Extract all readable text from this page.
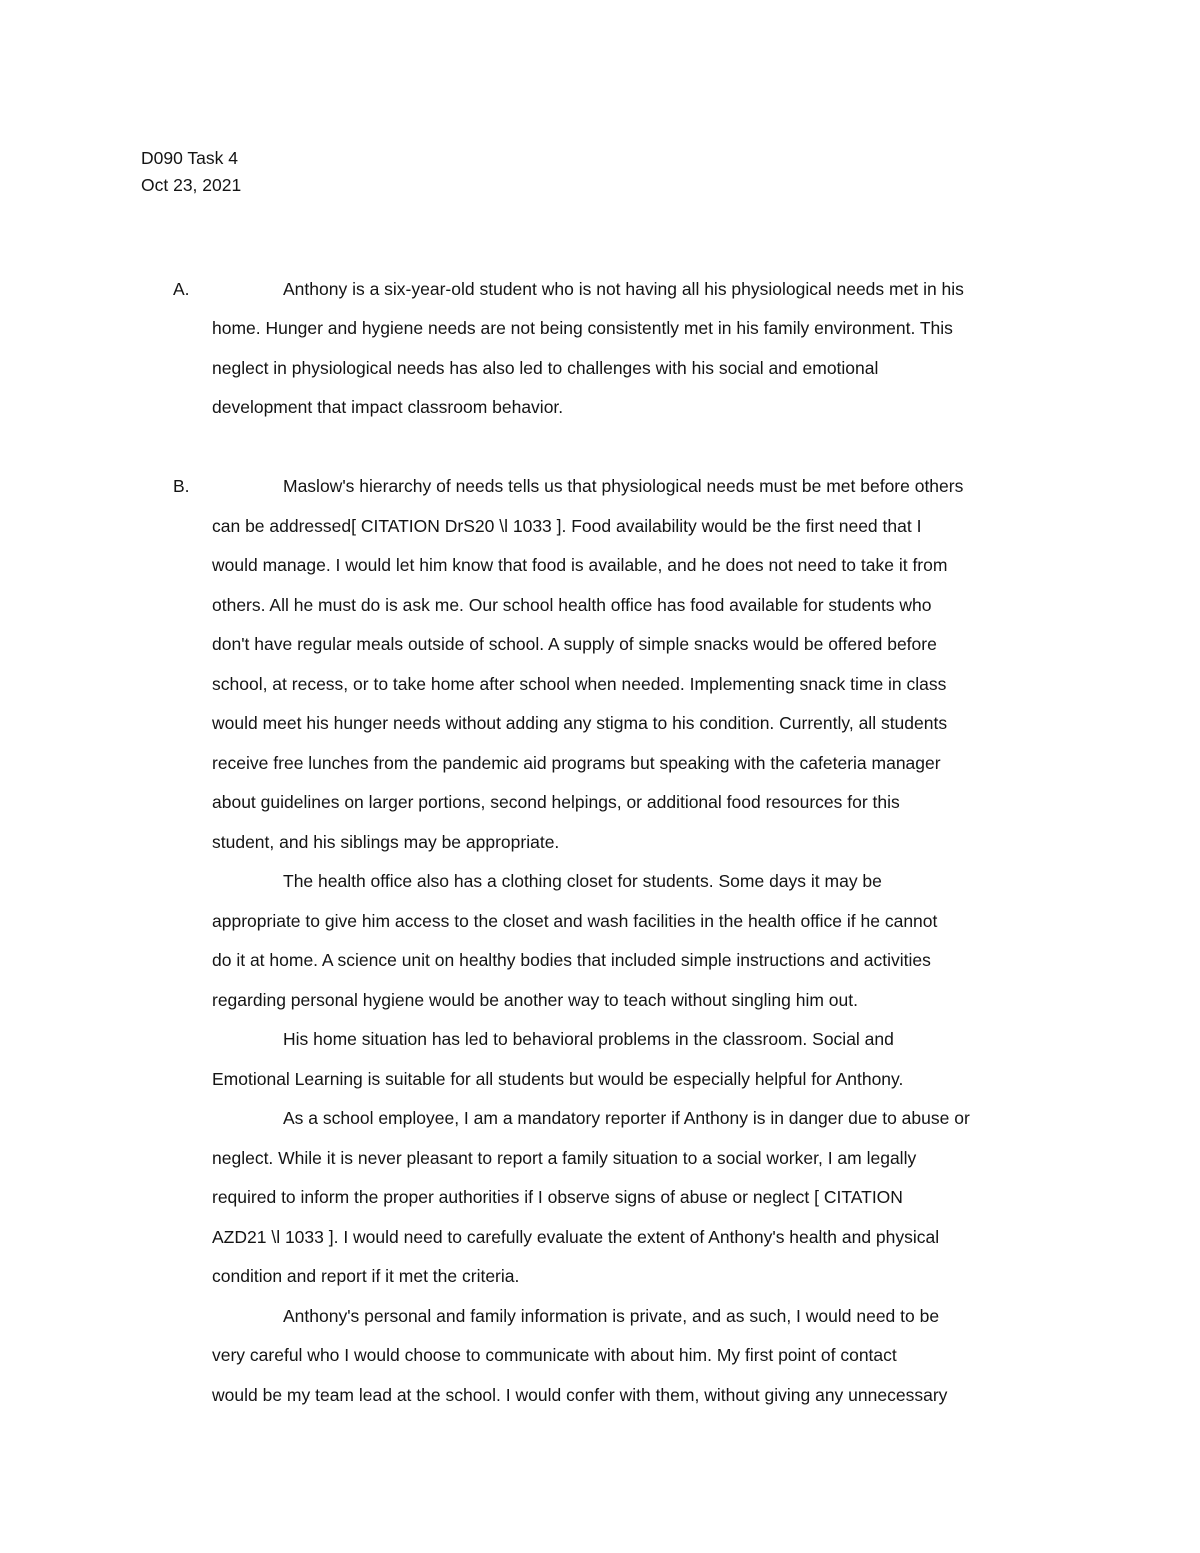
D090 Task 4
Oct 23, 2021
A.	Anthony is a six-year-old student who is not having all his physiological needs met in his
home. Hunger and hygiene needs are not being consistently met in his family environment. This
neglect in physiological needs has also led to challenges with his social and emotional
development that impact classroom behavior.
B.	Maslow's hierarchy of needs tells us that physiological needs must be met before others
can be addressed[ CITATION DrS20 \l 1033 ]. Food availability would be the first need that I
would manage. I would let him know that food is available, and he does not need to take it from
others. All he must do is ask me. Our school health office has food available for students who
don't have regular meals outside of school. A supply of simple snacks would be offered before
school, at recess, or to take home after school when needed. Implementing snack time in class
would meet his hunger needs without adding any stigma to his condition. Currently, all students
receive free lunches from the pandemic aid programs but speaking with the cafeteria manager
about guidelines on larger portions, second helpings, or additional food resources for this
student, and his siblings may be appropriate.
The health office also has a clothing closet for students. Some days it may be
appropriate to give him access to the closet and wash facilities in the health office if he cannot
do it at home. A science unit on healthy bodies that included simple instructions and activities
regarding personal hygiene would be another way to teach without singling him out.
His home situation has led to behavioral problems in the classroom. Social and
Emotional Learning is suitable for all students but would be especially helpful for Anthony.
As a school employee, I am a mandatory reporter if Anthony is in danger due to abuse or
neglect. While it is never pleasant to report a family situation to a social worker, I am legally
required to inform the proper authorities if I observe signs of abuse or neglect [ CITATION
AZD21 \l 1033 ]. I would need to carefully evaluate the extent of Anthony's health and physical
condition and report if it met the criteria.
Anthony's personal and family information is private, and as such, I would need to be
very careful who I would choose to communicate with about him. My first point of contact
would be my team lead at the school. I would confer with them, without giving any unnecessary
